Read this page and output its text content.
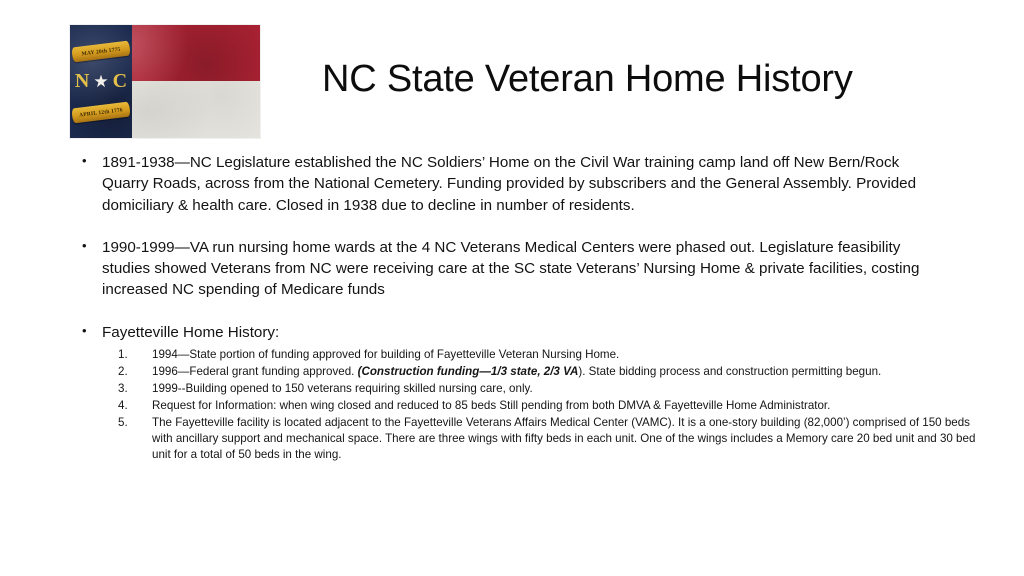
MAY 20th 1775
N ★ C
APRIL 12th 1776
NC State Veteran Home History
• 1891-1938—NC Legislature established the NC Soldiers’ Home on the Civil War training camp land off New Bern/Rock Quarry Roads, across from the National Cemetery. Funding provided by subscribers and the General Assembly. Provided domiciliary & health care. Closed in 1938 due to decline in number of residents.
• 1990-1999—VA run nursing home wards at the 4 NC Veterans Medical Centers were phased out. Legislature feasibility studies showed Veterans from NC were receiving care at the SC state Veterans’ Nursing Home & private facilities, costing increased NC spending of Medicare funds
• Fayetteville Home History:
1994—State portion of funding approved for building of Fayetteville Veteran Nursing Home.
1996—Federal grant funding approved. (Construction funding—1/3 state, 2/3 VA). State bidding process and construction permitting begun.
1999--Building opened to 150 veterans requiring skilled nursing care, only.
Request for Information: when wing closed and reduced to 85 beds Still pending from both DMVA & Fayetteville Home Administrator.
The Fayetteville facility is located adjacent to the Fayetteville Veterans Affairs Medical Center (VAMC). It is a one-story building (82,000’) comprised of 150 beds with ancillary support and mechanical space. There are three wings with fifty beds in each unit. One of the wings includes a Memory care 20 bed unit and 30 bed unit for a total of 50 beds in the wing.
